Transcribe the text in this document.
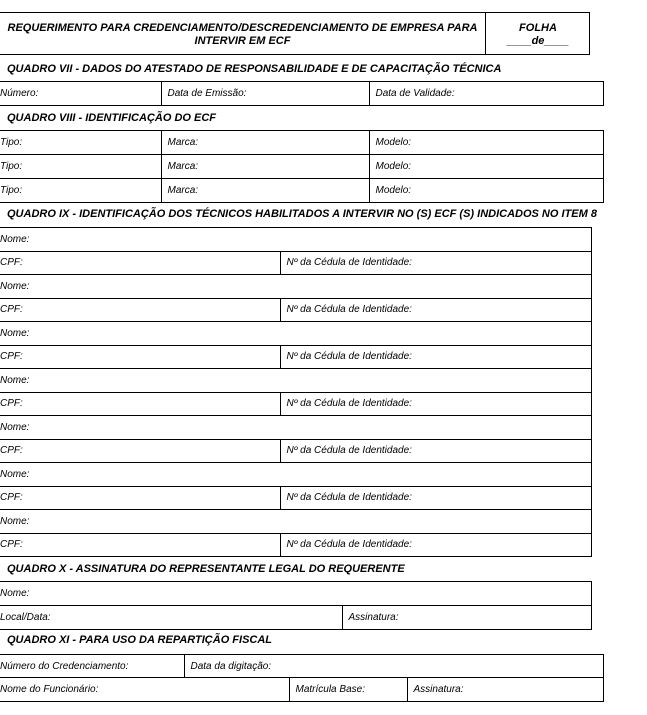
REQUERIMENTO PARA CREDENCIAMENTO/DESCREDENCIAMENTO DE EMPRESA PARA
INTERVIR EM ECF
FOLHA
____de____
QUADRO VII - DADOS DO ATESTADO DE RESPONSABILIDADE E DE CAPACITAÇÃO TÉCNICA
Número:	Data de Emissão:	Data de Validade:
QUADRO VIII - IDENTIFICAÇÃO DO ECF
Tipo:	Marca:	Modelo:
Tipo:	Marca:	Modelo:
Tipo:	Marca:	Modelo:
QUADRO IX - IDENTIFICAÇÃO DOS TÉCNICOS HABILITADOS A INTERVIR NO (S) ECF (S) INDICADOS NO ITEM 8
Nome:	
CPF:	Nº da Cédula de Identidade:
Nome:	
CPF:	Nº da Cédula de Identidade:
Nome:	
CPF:	Nº da Cédula de Identidade:
Nome:	
CPF:	Nº da Cédula de Identidade:
Nome:	
CPF:	Nº da Cédula de Identidade:
Nome:	
CPF:	Nº da Cédula de Identidade:
Nome:	
CPF:	Nº da Cédula de Identidade:
QUADRO X - ASSINATURA DO REPRESENTANTE LEGAL DO REQUERENTE
Nome:
Local/Data:	Assinatura:
QUADRO XI - PARA USO DA REPARTIÇÃO FISCAL
Número do Credenciamento:	Data da digitação:
Nome do Funcionário:	Matrícula Base:	Assinatura:
